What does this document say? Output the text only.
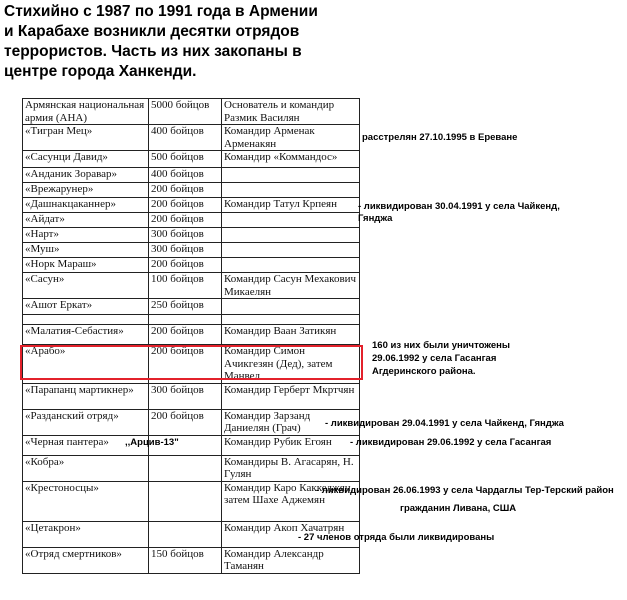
Стихийно с 1987 по 1991 года в Армении
и Карабахе возникли десятки отрядов
террористов. Часть из них закопаны в
центре города Ханкенди.
Армянская национальная армия (АНА)	5000 бойцов	Основатель и командир Размик Василян
«Тигран Мец»	400 бойцов	Командир Арменак Арменакян
«Сасунци Давид»	500 бойцов	Командир «Коммандос»
«Анданик Зоравар»	400 бойцов	
«Врежарунер»	200 бойцов	
«Дашнакцаканнер»	200 бойцов	Командир Татул Крпеян
«Айдат»	200 бойцов	
«Нарт»	300 бойцов	
«Муш»	300 бойцов	
«Норк Мараш»	200 бойцов	
«Сасун»	100 бойцов	Командир Сасун Мехакович Микаелян
«Ашот Еркат»	250 бойцов	

«Малатия-Себастия»	200 бойцов	Командир Ваан Затикян
«Арабо»	200 бойцов	Командир Симон Ачикгезян (Дед), затем Манвел
«Парапанц мартикнер»	300 бойцов	Командир Герберт Мкртчян
«Разданский отряд»	200 бойцов	Командир Зарзанд Даниелян (Грач)
«Черная пантера»		Командир Рубик Егоян
«Кобра»		Командиры В. Агасарян, Н. Гулян
«Крестоносцы»		Командир Каро Каккеджян, затем Шахе Аджемян
«Цетакрон»		Командир Акоп Хачатрян
«Отряд смертников»	150 бойцов	Командир Александр Таманян
расстрелян 27.10.1995 в Ереване
- ликвидирован 30.04.1991 у села Чайкенд,
Гянджа
160 из них были уничтожены
29.06.1992 у села Гасангая
Агдеринского района.
- ликвидирован 29.04.1991 у села Чайкенд, Гянджа
- ликвидирован 29.06.1992 у села Гасангая
,,Арцив-13"
- ликвидирован 26.06.1993 у села Чардаглы Тер-Терский район
гражданин Ливана, США
- 27 членов отряда были ликвидированы
